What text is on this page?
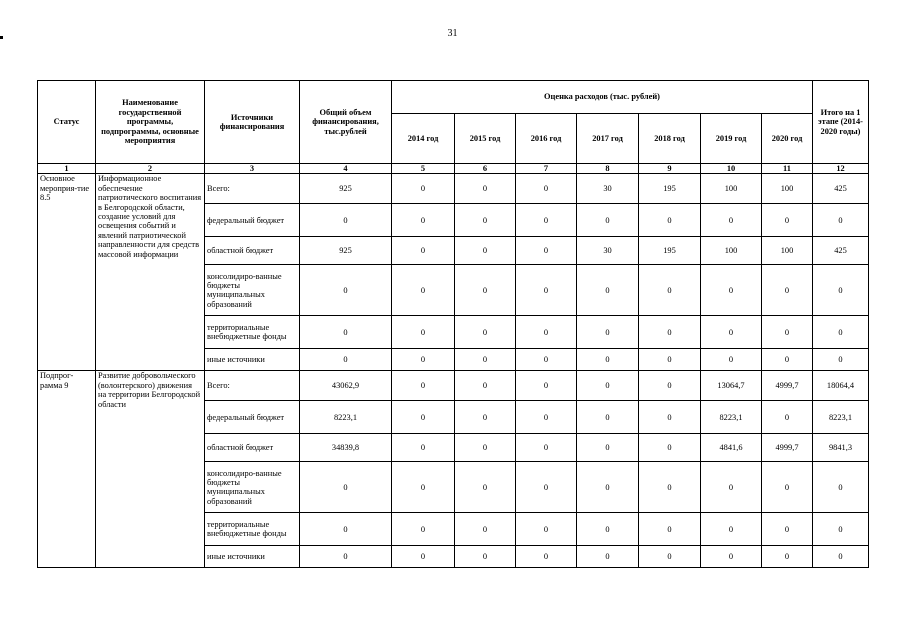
31
Статус	Наименование государственной программы, подпрограммы, основные мероприятия	Источники финансирования	Общий объем финансирования, тыс.рублей	Оценка расходов (тыс. рублей)							Итого на 1 этапе (2014-2020 годы)
				2014 год	2015 год	2016 год	2017 год	2018 год	2019 год	2020 год	
1	2	3	4	5	6	7	8	9	10	11	12
Основное мероприя-тие 8.5	Информационное обеспечение патриотического воспитания в Белгородской области, создание условий для освещения событий и явлений патриотической направленности для средств массовой информации	Всего:	925	0	0	0	30	195	100	100	425
		федеральный бюджет	0	0	0	0	0	0	0	0	0
		областной бюджет	925	0	0	0	30	195	100	100	425
		консолидиро-ванные бюджеты муниципальных образований	0	0	0	0	0	0	0	0	0
		территориальные внебюджетные фонды	0	0	0	0	0	0	0	0	0
		иные источники	0	0	0	0	0	0	0	0	0
Подпрог-рамма 9	Развитие добровольческого (волонтерского) движения на территории Белгородской области	Всего:	43062,9	0	0	0	0	0	13064,7	4999,7	18064,4
		федеральный бюджет	8223,1	0	0	0	0	0	8223,1	0	8223,1
		областной бюджет	34839,8	0	0	0	0	0	4841,6	4999,7	9841,3
		консолидиро-ванные бюджеты муниципальных образований	0	0	0	0	0	0	0	0	0
		территориальные внебюджетные фонды	0	0	0	0	0	0	0	0	0
		иные источники	0	0	0	0	0	0	0	0	0
